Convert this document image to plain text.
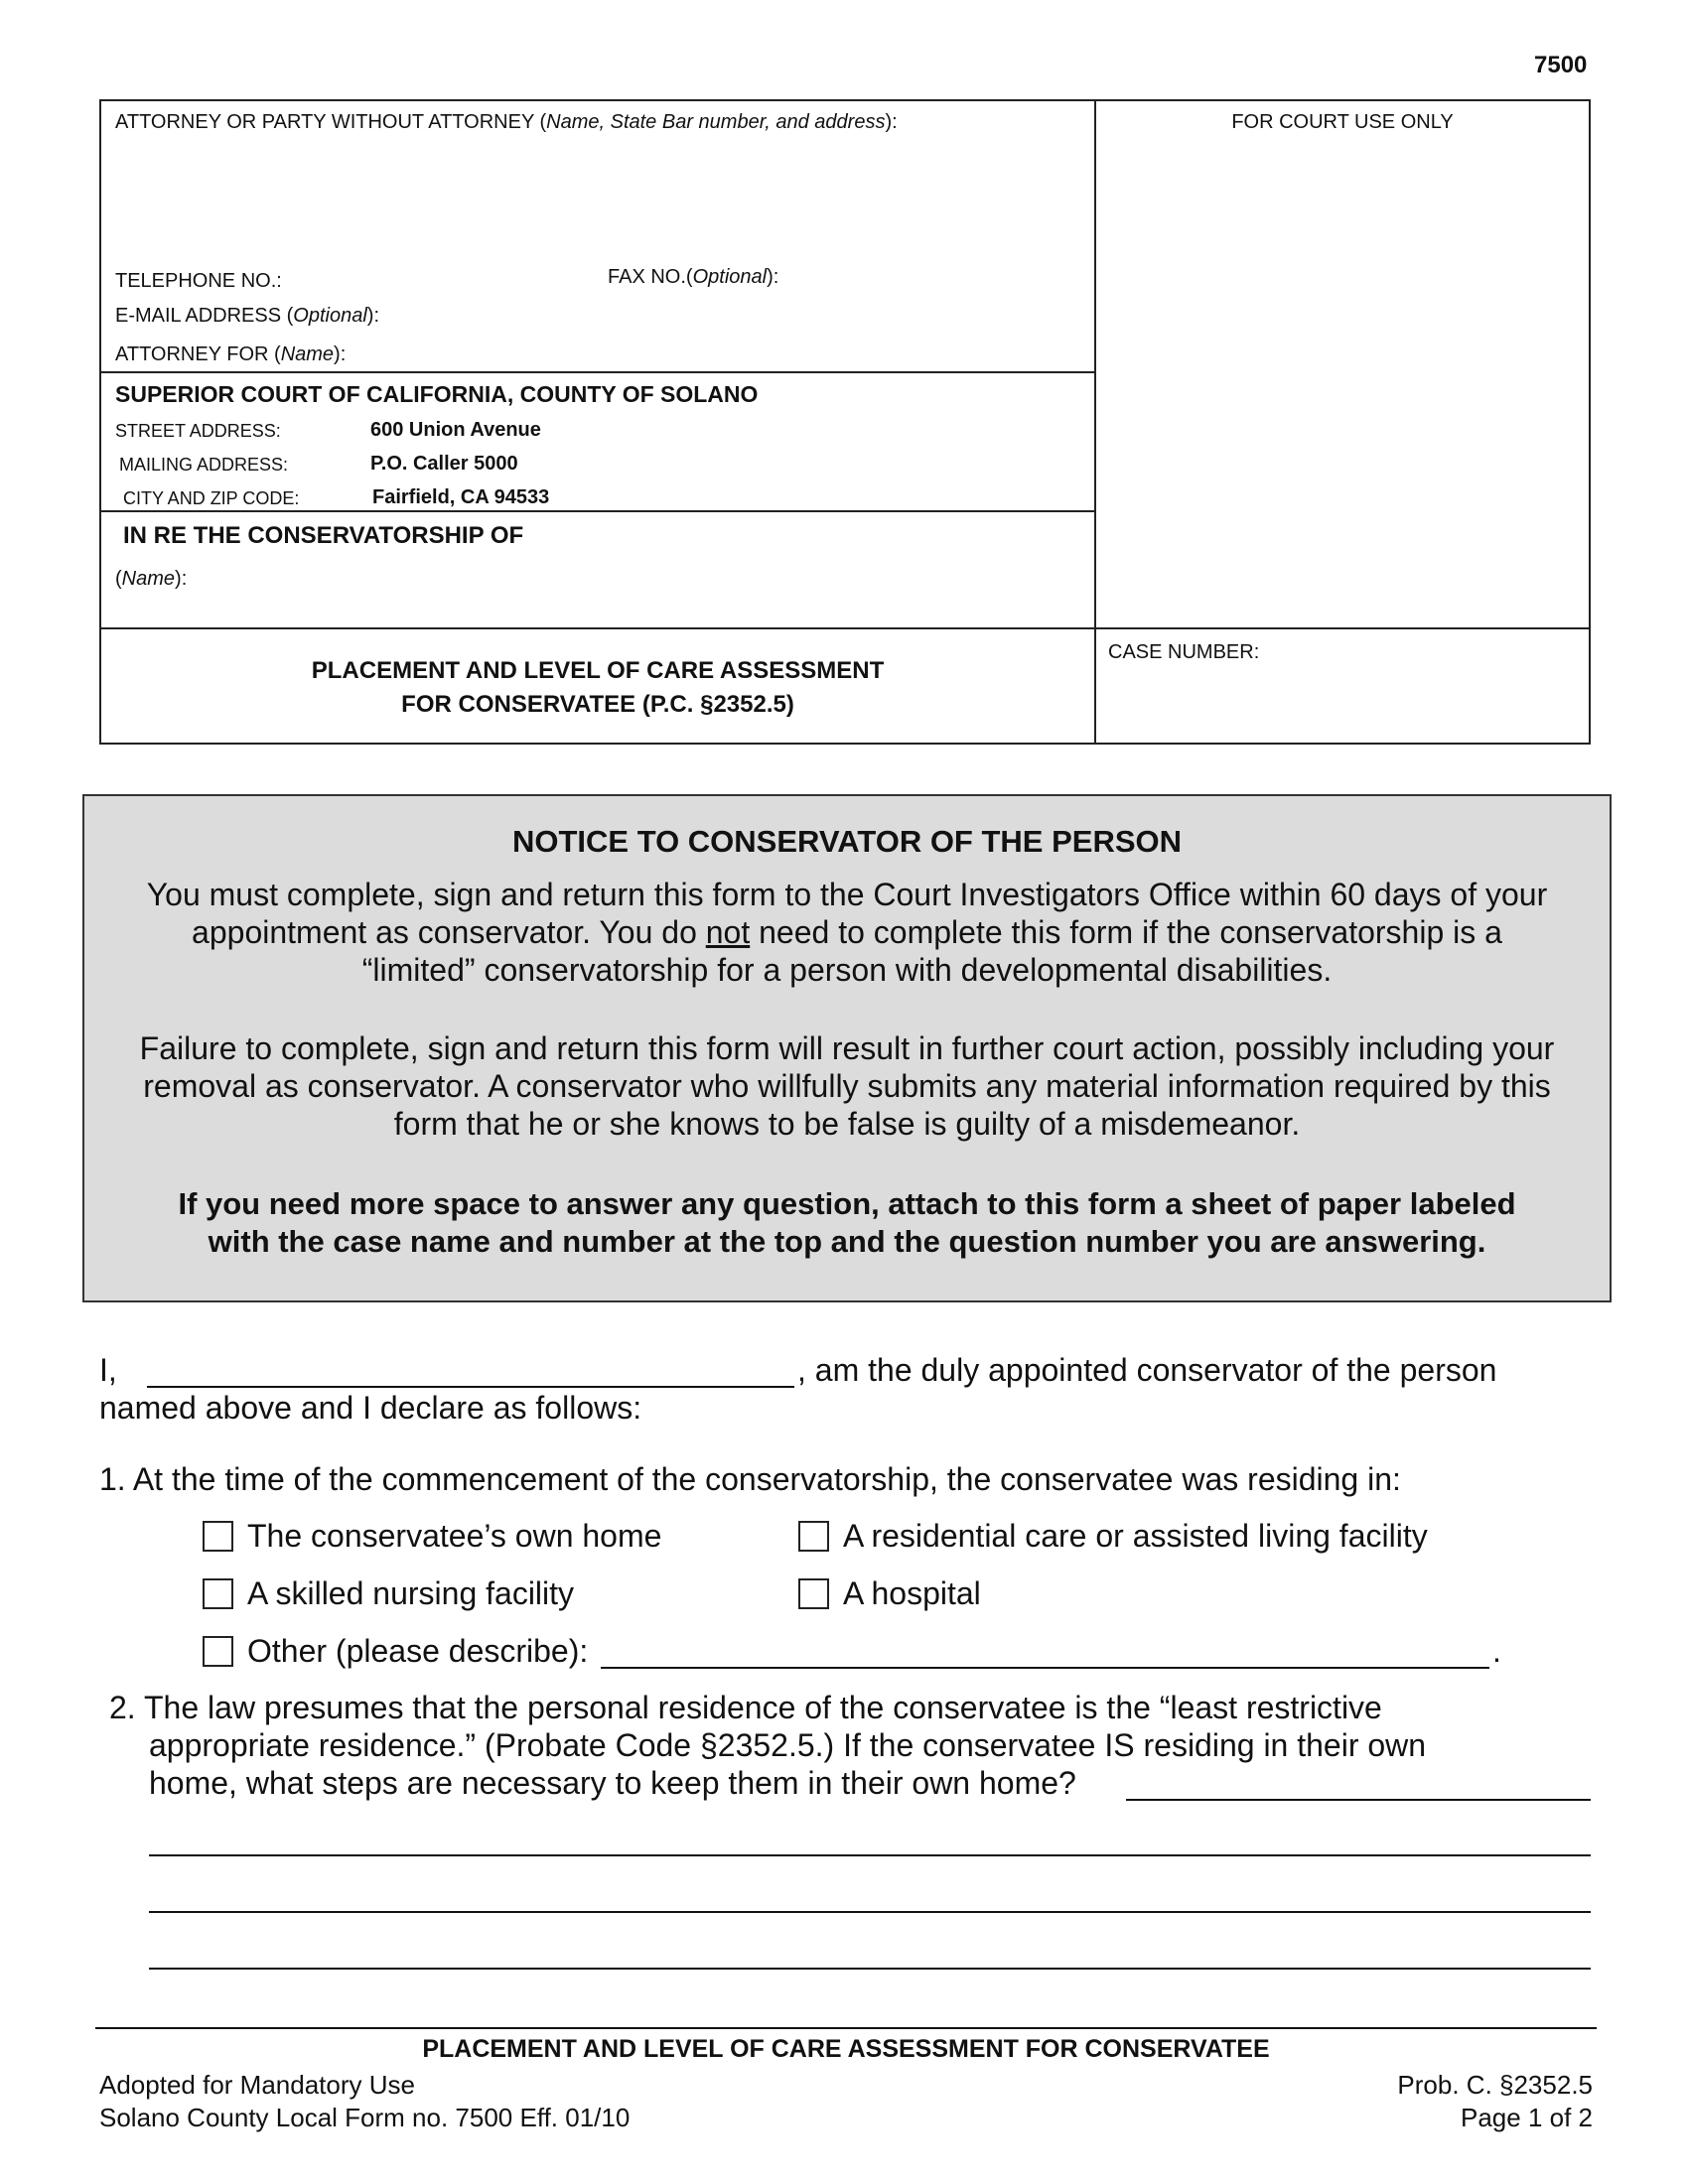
7500
ATTORNEY OR PARTY WITHOUT ATTORNEY (Name, State Bar number, and address):	FOR COURT USE ONLY
TELEPHONE NO.:	FAX NO.(Optional):
E-MAIL ADDRESS (Optional):
ATTORNEY FOR (Name):
SUPERIOR COURT OF CALIFORNIA, COUNTY OF SOLANO
STREET ADDRESS:	600 Union Avenue
MAILING ADDRESS:	P.O. Caller 5000
CITY AND ZIP CODE:	Fairfield, CA 94533
IN RE THE CONSERVATORSHIP OF
(Name):
PLACEMENT AND LEVEL OF CARE ASSESSMENT
FOR CONSERVATEE (P.C. §2352.5)
CASE NUMBER:
NOTICE TO CONSERVATOR OF THE PERSON
You must complete, sign and return this form to the Court Investigators Office within 60 days of your
appointment as conservator. You do not need to complete this form if the conservatorship is a
“limited” conservatorship for a person with developmental disabilities.
Failure to complete, sign and return this form will result in further court action, possibly including your
removal as conservator. A conservator who willfully submits any material information required by this
form that he or she knows to be false is guilty of a misdemeanor.
If you need more space to answer any question, attach to this form a sheet of paper labeled
with the case name and number at the top and the question number you are answering.
I,	, am the duly appointed conservator of the person
named above and I declare as follows:
1. At the time of the commencement of the conservatorship, the conservatee was residing in:
The conservatee’s own home	A residential care or assisted living facility
A skilled nursing facility	A hospital
Other (please describe):	.
2. The law presumes that the personal residence of the conservatee is the “least restrictive
appropriate residence.” (Probate Code §2352.5.) If the conservatee IS residing in their own
home, what steps are necessary to keep them in their own home?
PLACEMENT AND LEVEL OF CARE ASSESSMENT FOR CONSERVATEE
Adopted for Mandatory Use
Solano County Local Form no. 7500 Eff. 01/10
Prob. C. §2352.5
Page 1 of 2
